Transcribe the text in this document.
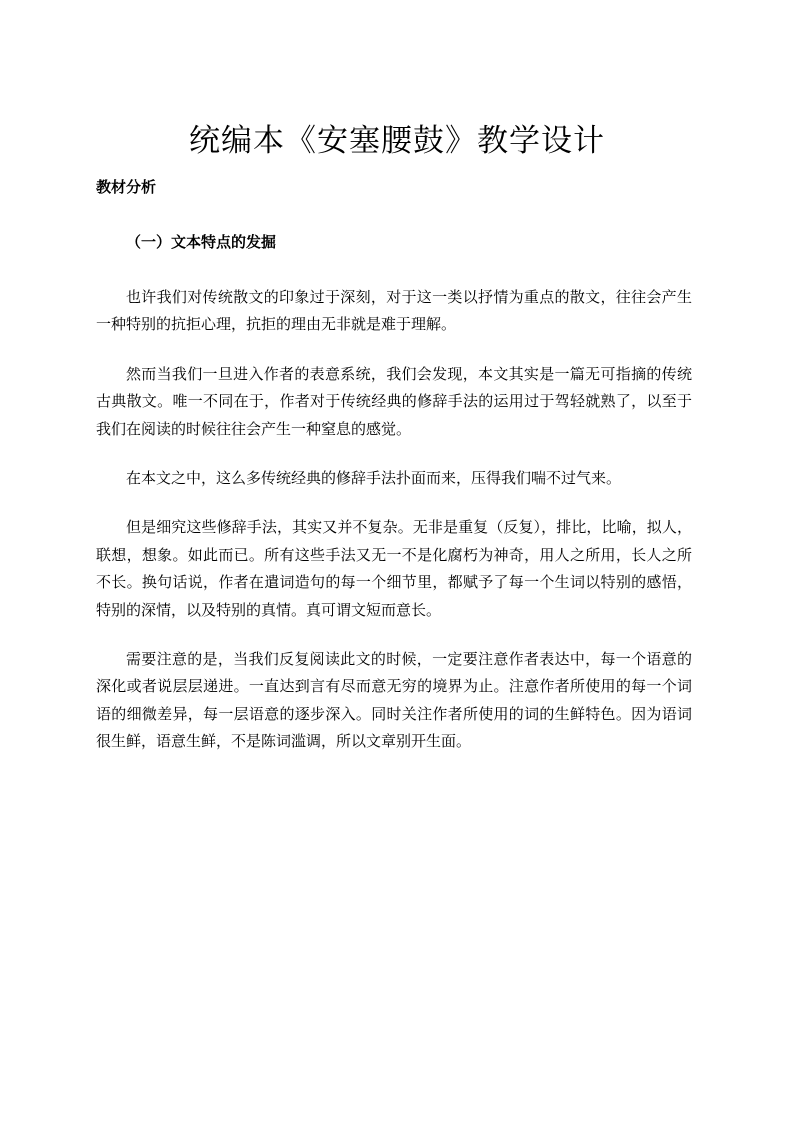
统编本《安塞腰鼓》教学设计
教材分析
（一）文本特点的发掘

也许我们对传统散文的印象过于深刻，对于这一类以抒情为重点的散文，往往会产生一种特别的抗拒心理，抗拒的理由无非就是难于理解。

然而当我们一旦进入作者的表意系统，我们会发现，本文其实是一篇无可指摘的传统古典散文。唯一不同在于，作者对于传统经典的修辞手法的运用过于驾轻就熟了，以至于我们在阅读的时候往往会产生一种窒息的感觉。

在本文之中，这么多传统经典的修辞手法扑面而来，压得我们喘不过气来。

但是细究这些修辞手法，其实又并不复杂。无非是重复（反复），排比，比喻，拟人，联想，想象。如此而已。所有这些手法又无一不是化腐朽为神奇，用人之所用，长人之所不长。换句话说，作者在遣词造句的每一个细节里，都赋予了每一个生词以特别的感悟，特别的深情，以及特别的真情。真可谓文短而意长。

需要注意的是，当我们反复阅读此文的时候，一定要注意作者表达中，每一个语意的深化或者说层层递进。一直达到言有尽而意无穷的境界为止。注意作者所使用的每一个词语的细微差异，每一层语意的逐步深入。同时关注作者所使用的词的生鲜特色。因为语词很生鲜，语意生鲜，不是陈词滥调，所以文章别开生面。
